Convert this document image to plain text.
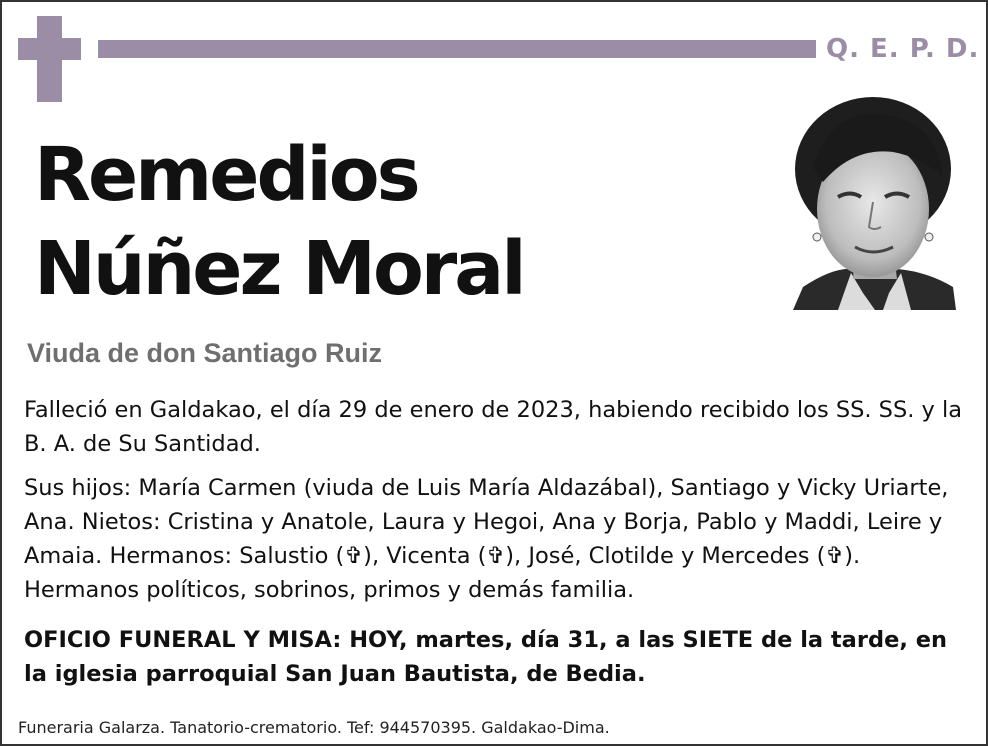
Q. E. P. D.
Remedios
Núñez Moral
Viuda de don Santiago Ruiz
Falleció en Galdakao, el día 29 de enero de 2023, habiendo recibido los SS. SS. y la B. A. de Su Santidad.
Sus hijos: María Carmen (viuda de Luis María Aldazábal), Santiago y Vicky Uriarte, Ana. Nietos: Cristina y Anatole, Laura y Hegoi, Ana y Borja, Pablo y Maddi, Leire y Amaia. Hermanos: Salustio (✞), Vicenta (✞), José, Clotilde y Mercedes (✞). Hermanos políticos, sobrinos, primos y demás familia.
OFICIO FUNERAL Y MISA: HOY, martes, día 31, a las SIETE de la tarde, en la iglesia parroquial San Juan Bautista, de Bedia.
Funeraria Galarza. Tanatorio-crematorio. Tef: 944570395. Galdakao-Dima.
